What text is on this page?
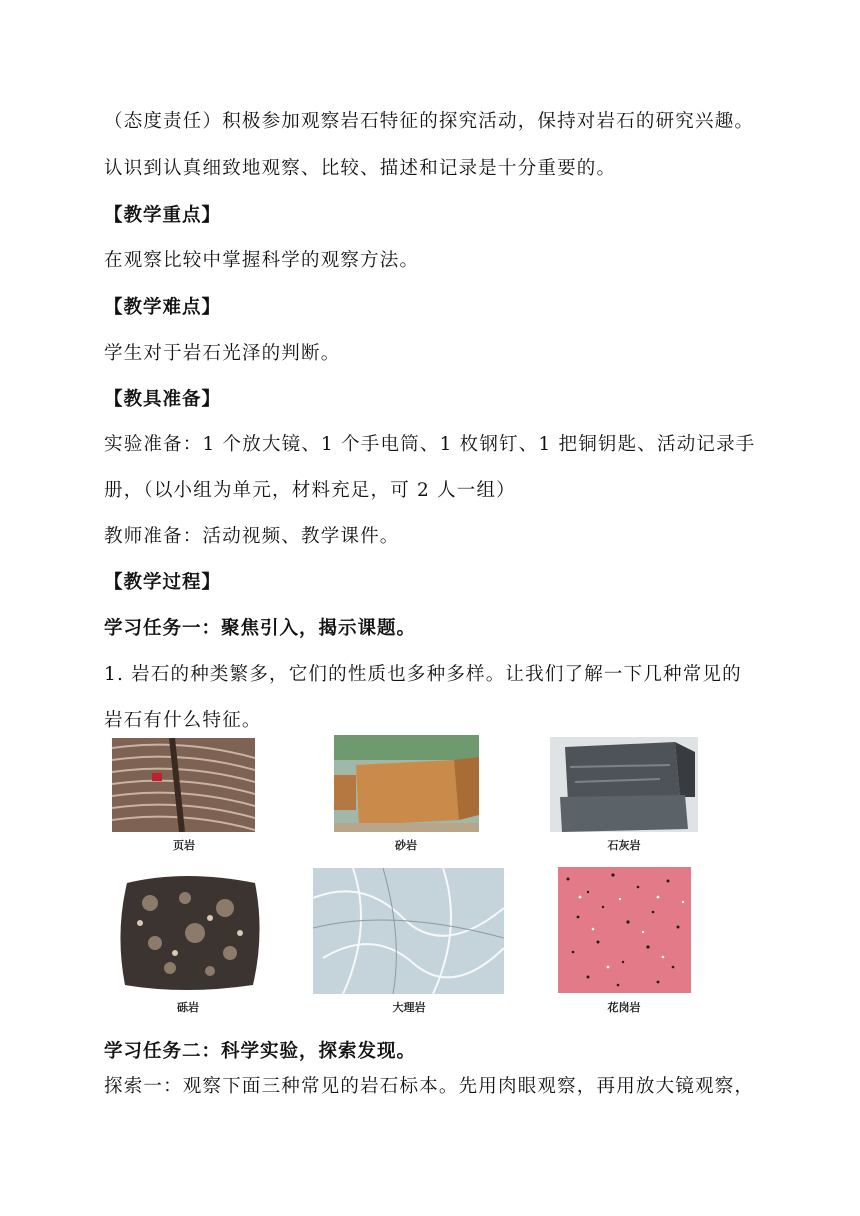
（态度责任）积极参加观察岩石特征的探究活动，保持对岩石的研究兴趣。
认识到认真细致地观察、比较、描述和记录是十分重要的。
【教学重点】
在观察比较中掌握科学的观察方法。
【教学难点】
学生对于岩石光泽的判断。
【教具准备】
实验准备：1 个放大镜、1 个手电筒、1 枚钢钉、1 把铜钥匙、活动记录手
册，（以小组为单元，材料充足，可 2 人一组）
教师准备：活动视频、教学课件。
【教学过程】
学习任务一：聚焦引入，揭示课题。
1. 岩石的种类繁多，它们的性质也多种多样。让我们了解一下几种常见的
岩石有什么特征。
页岩	砂岩	石灰岩
砾岩	大理岩	花岗岩
学习任务二：科学实验，探索发现。
探索一：观察下面三种常见的岩石标本。先用肉眼观察，再用放大镜观察，
